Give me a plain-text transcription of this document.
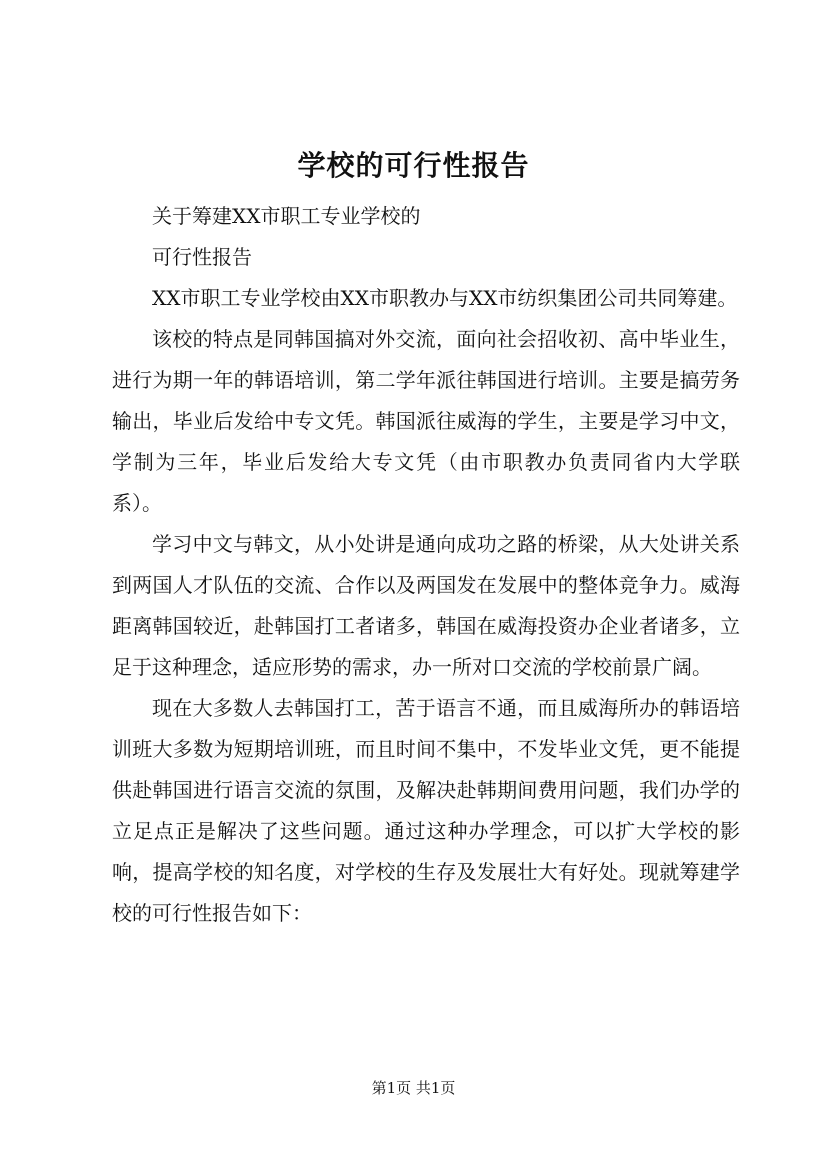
学校的可行性报告

关于筹建XX市职工专业学校的

可行性报告

XX市职工专业学校由XX市职教办与XX市纺织集团公司共同筹建。

该校的特点是同韩国搞对外交流，面向社会招收初、高中毕业生，进行为期一年的韩语培训，第二学年派往韩国进行培训。主要是搞劳务输出，毕业后发给中专文凭。韩国派往威海的学生，主要是学习中文，学制为三年，毕业后发给大专文凭（由市职教办负责同省内大学联系）。

学习中文与韩文，从小处讲是通向成功之路的桥梁，从大处讲关系到两国人才队伍的交流、合作以及两国发在发展中的整体竞争力。威海距离韩国较近，赴韩国打工者诸多，韩国在威海投资办企业者诸多，立足于这种理念，适应形势的需求，办一所对口交流的学校前景广阔。

现在大多数人去韩国打工，苦于语言不通，而且威海所办的韩语培训班大多数为短期培训班，而且时间不集中，不发毕业文凭，更不能提供赴韩国进行语言交流的氛围，及解决赴韩期间费用问题，我们办学的立足点正是解决了这些问题。通过这种办学理念，可以扩大学校的影响，提高学校的知名度，对学校的生存及发展壮大有好处。现就筹建学校的可行性报告如下：

第1页 共1页
